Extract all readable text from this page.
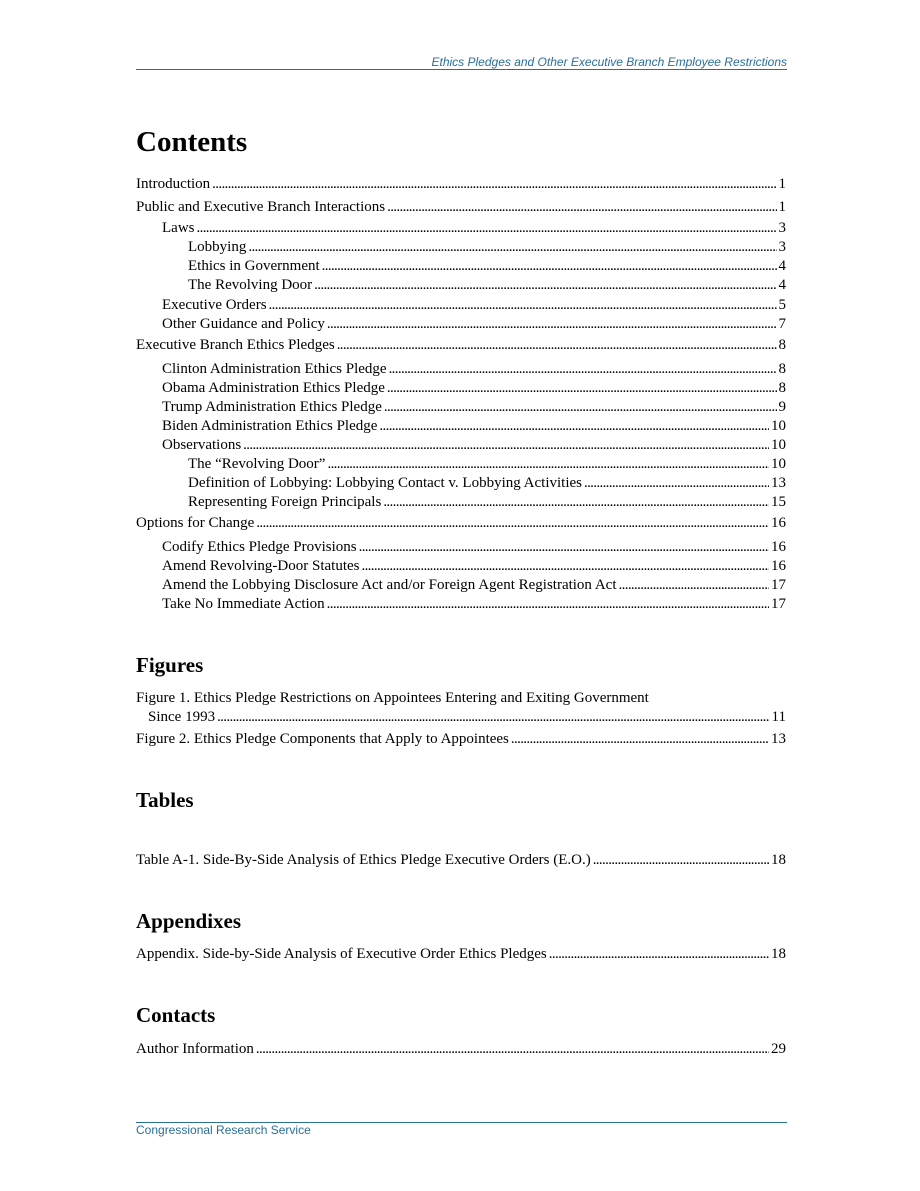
Ethics Pledges and Other Executive Branch Employee Restrictions
Contents
Introduction . . .	1
Public and Executive Branch Interactions . . .	1
Laws . . .	3
Lobbying . . .	3
Ethics in Government . . .	4
The Revolving Door . . .	4
Executive Orders . . .	5
Other Guidance and Policy . . .	7
Executive Branch Ethics Pledges . . .	8
Clinton Administration Ethics Pledge . . .	8
Obama Administration Ethics Pledge . . .	8
Trump Administration Ethics Pledge . . .	9
Biden Administration Ethics Pledge . . .	10
Observations . . .	10
The “Revolving Door” . . .	10
Definition of Lobbying: Lobbying Contact v. Lobbying Activities . . .	13
Representing Foreign Principals . . .	15
Options for Change . . .	16
Codify Ethics Pledge Provisions . . .	16
Amend Revolving-Door Statutes . . .	16
Amend the Lobbying Disclosure Act and/or Foreign Agent Registration Act . . .	17
Take No Immediate Action . . .	17
Figures
Figure 1. Ethics Pledge Restrictions on Appointees Entering and Exiting Government
Since 1993 . . .	11
Figure 2. Ethics Pledge Components that Apply to Appointees . . .	13
Tables
Table A-1. Side-By-Side Analysis of Ethics Pledge Executive Orders (E.O.) . . .	18
Appendixes
Appendix. Side-by-Side Analysis of Executive Order Ethics Pledges . . .	18
Contacts
Author Information . . .	29
Congressional Research Service
